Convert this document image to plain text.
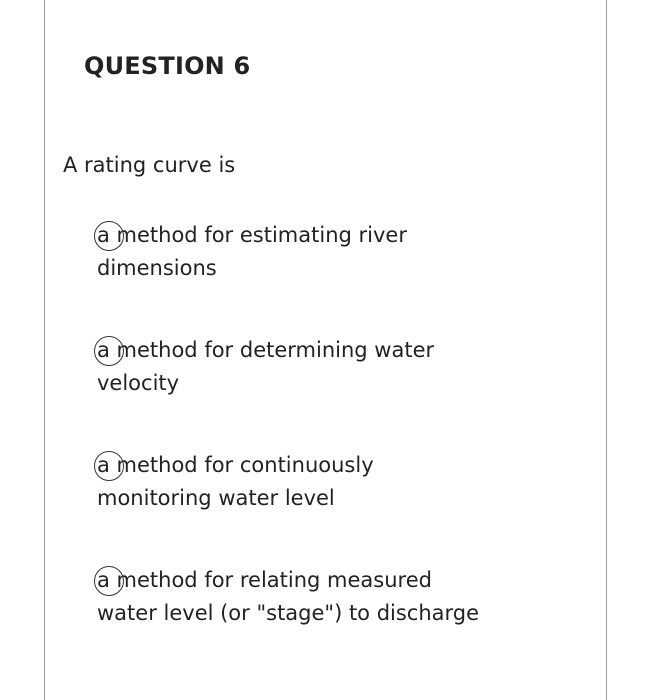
QUESTION 6
A rating curve is
a method for estimating river
dimensions
a method for determining water
velocity
a method for continuously
monitoring water level
a method for relating measured
water level (or "stage") to discharge
